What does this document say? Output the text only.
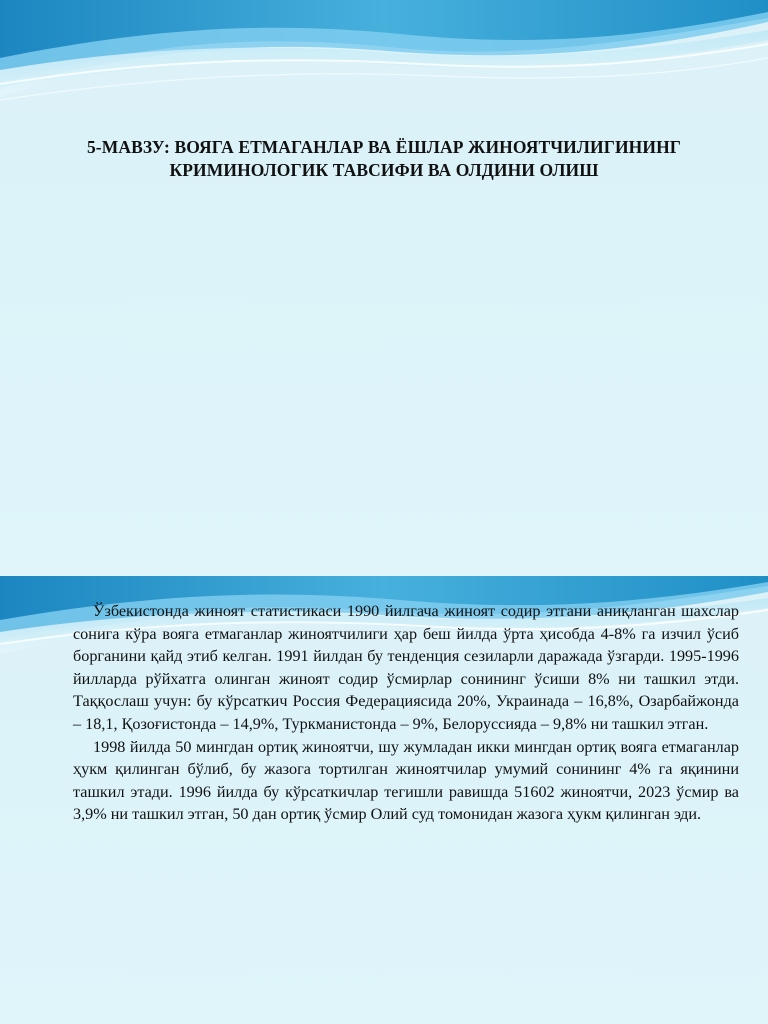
5-МАВЗУ: ВОЯГА ЕТМАГАНЛАР ВА ЁШЛАР ЖИНОЯТЧИЛИГИНИНГ
КРИМИНОЛОГИК ТАВСИФИ ВА ОЛДИНИ ОЛИШ

Ўзбекистонда жиноят статистикаси 1990 йилгача жиноят содир этгани аниқланган шахслар сонига кўра вояга етмаганлар жиноятчилиги ҳар беш йилда ўрта ҳисобда 4-8% га изчил ўсиб борганини қайд этиб келган. 1991 йилдан бу тенденция сезиларли даражада ўзгарди. 1995-1996 йилларда рўйхатга олинган жиноят содир ўсмирлар сонининг ўсиши 8% ни ташкил этди. Таққослаш учун: бу кўрсаткич Россия Федерациясида 20%, Украинада – 16,8%, Озарбайжонда – 18,1, Қозоғистонда – 14,9%, Туркманистонда – 9%, Белоруссияда – 9,8% ни ташкил этган.

1998 йилда 50 мингдан ортиқ жиноятчи, шу жумладан икки мингдан ортиқ вояга етмаганлар ҳукм қилинган бўлиб, бу жазога тортилган жиноятчилар умумий сонининг 4% га яқинини ташкил этади. 1996 йилда бу кўрсаткичлар тегишли равишда 51602 жиноятчи, 2023 ўсмир ва 3,9% ни ташкил этган, 50 дан ортиқ ўсмир Олий суд томонидан жазога ҳукм қилинган эди.
